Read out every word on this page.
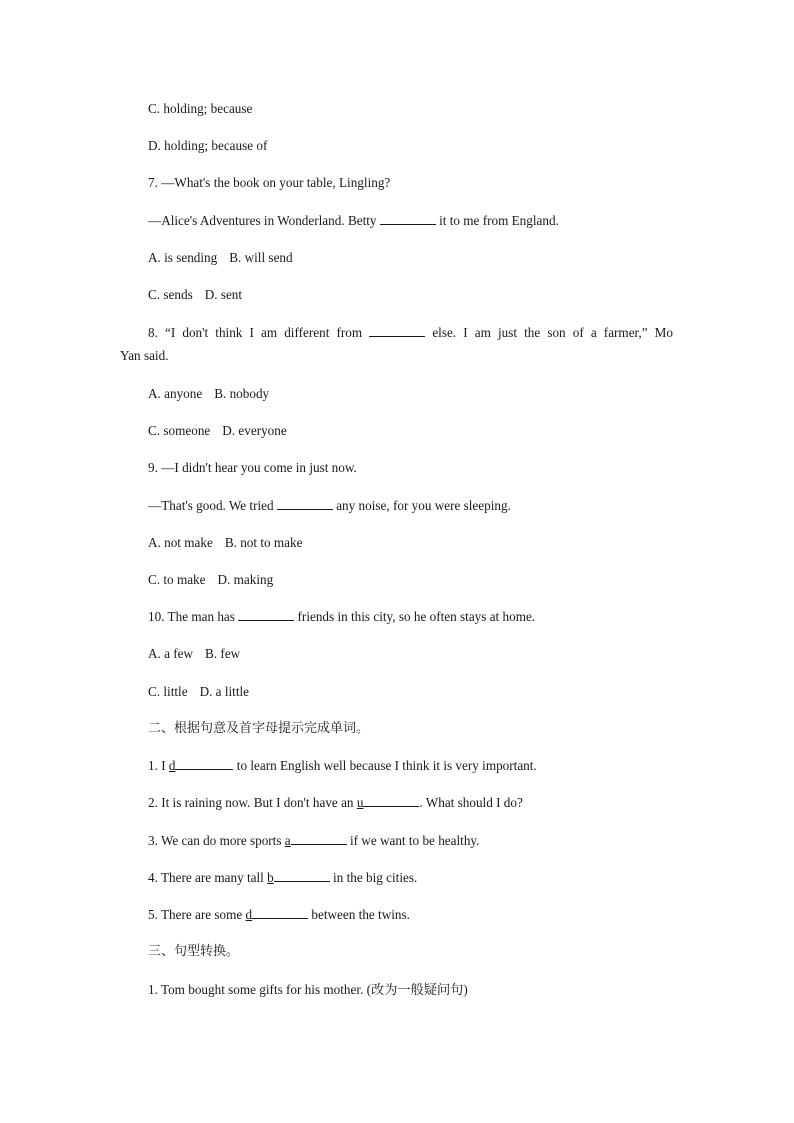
C. holding; because
D. holding; because of
7. —What's the book on your table, Lingling?
—Alice's Adventures in Wonderland. Betty	it to me from England.
A. is sending B. will send
C. sends D. sent
8. “I don't think I am different from	else. I am just the son of a farmer,” Mo
Yan said.
A. anyone B. nobody
C. someone D. everyone
9. —I didn't hear you come in just now.
—That's good. We tried	any noise, for you were sleeping.
A. not make B. not to make
C. to make D. making
10. The man has	friends in this city, so he often stays at home.
A. a few B. few
C. little D. a little
二、根据句意及首字母提示完成单词。
1. I d	to learn English well because I think it is very important.
2. It is raining now. But I don't have an u	. What should I do?
3. We can do more sports a	if we want to be healthy.
4. There are many tall b	in the big cities.
5. There are some d	between the twins.
三、句型转换。
1. Tom bought some gifts for his mother. (改为一般疑问句)
